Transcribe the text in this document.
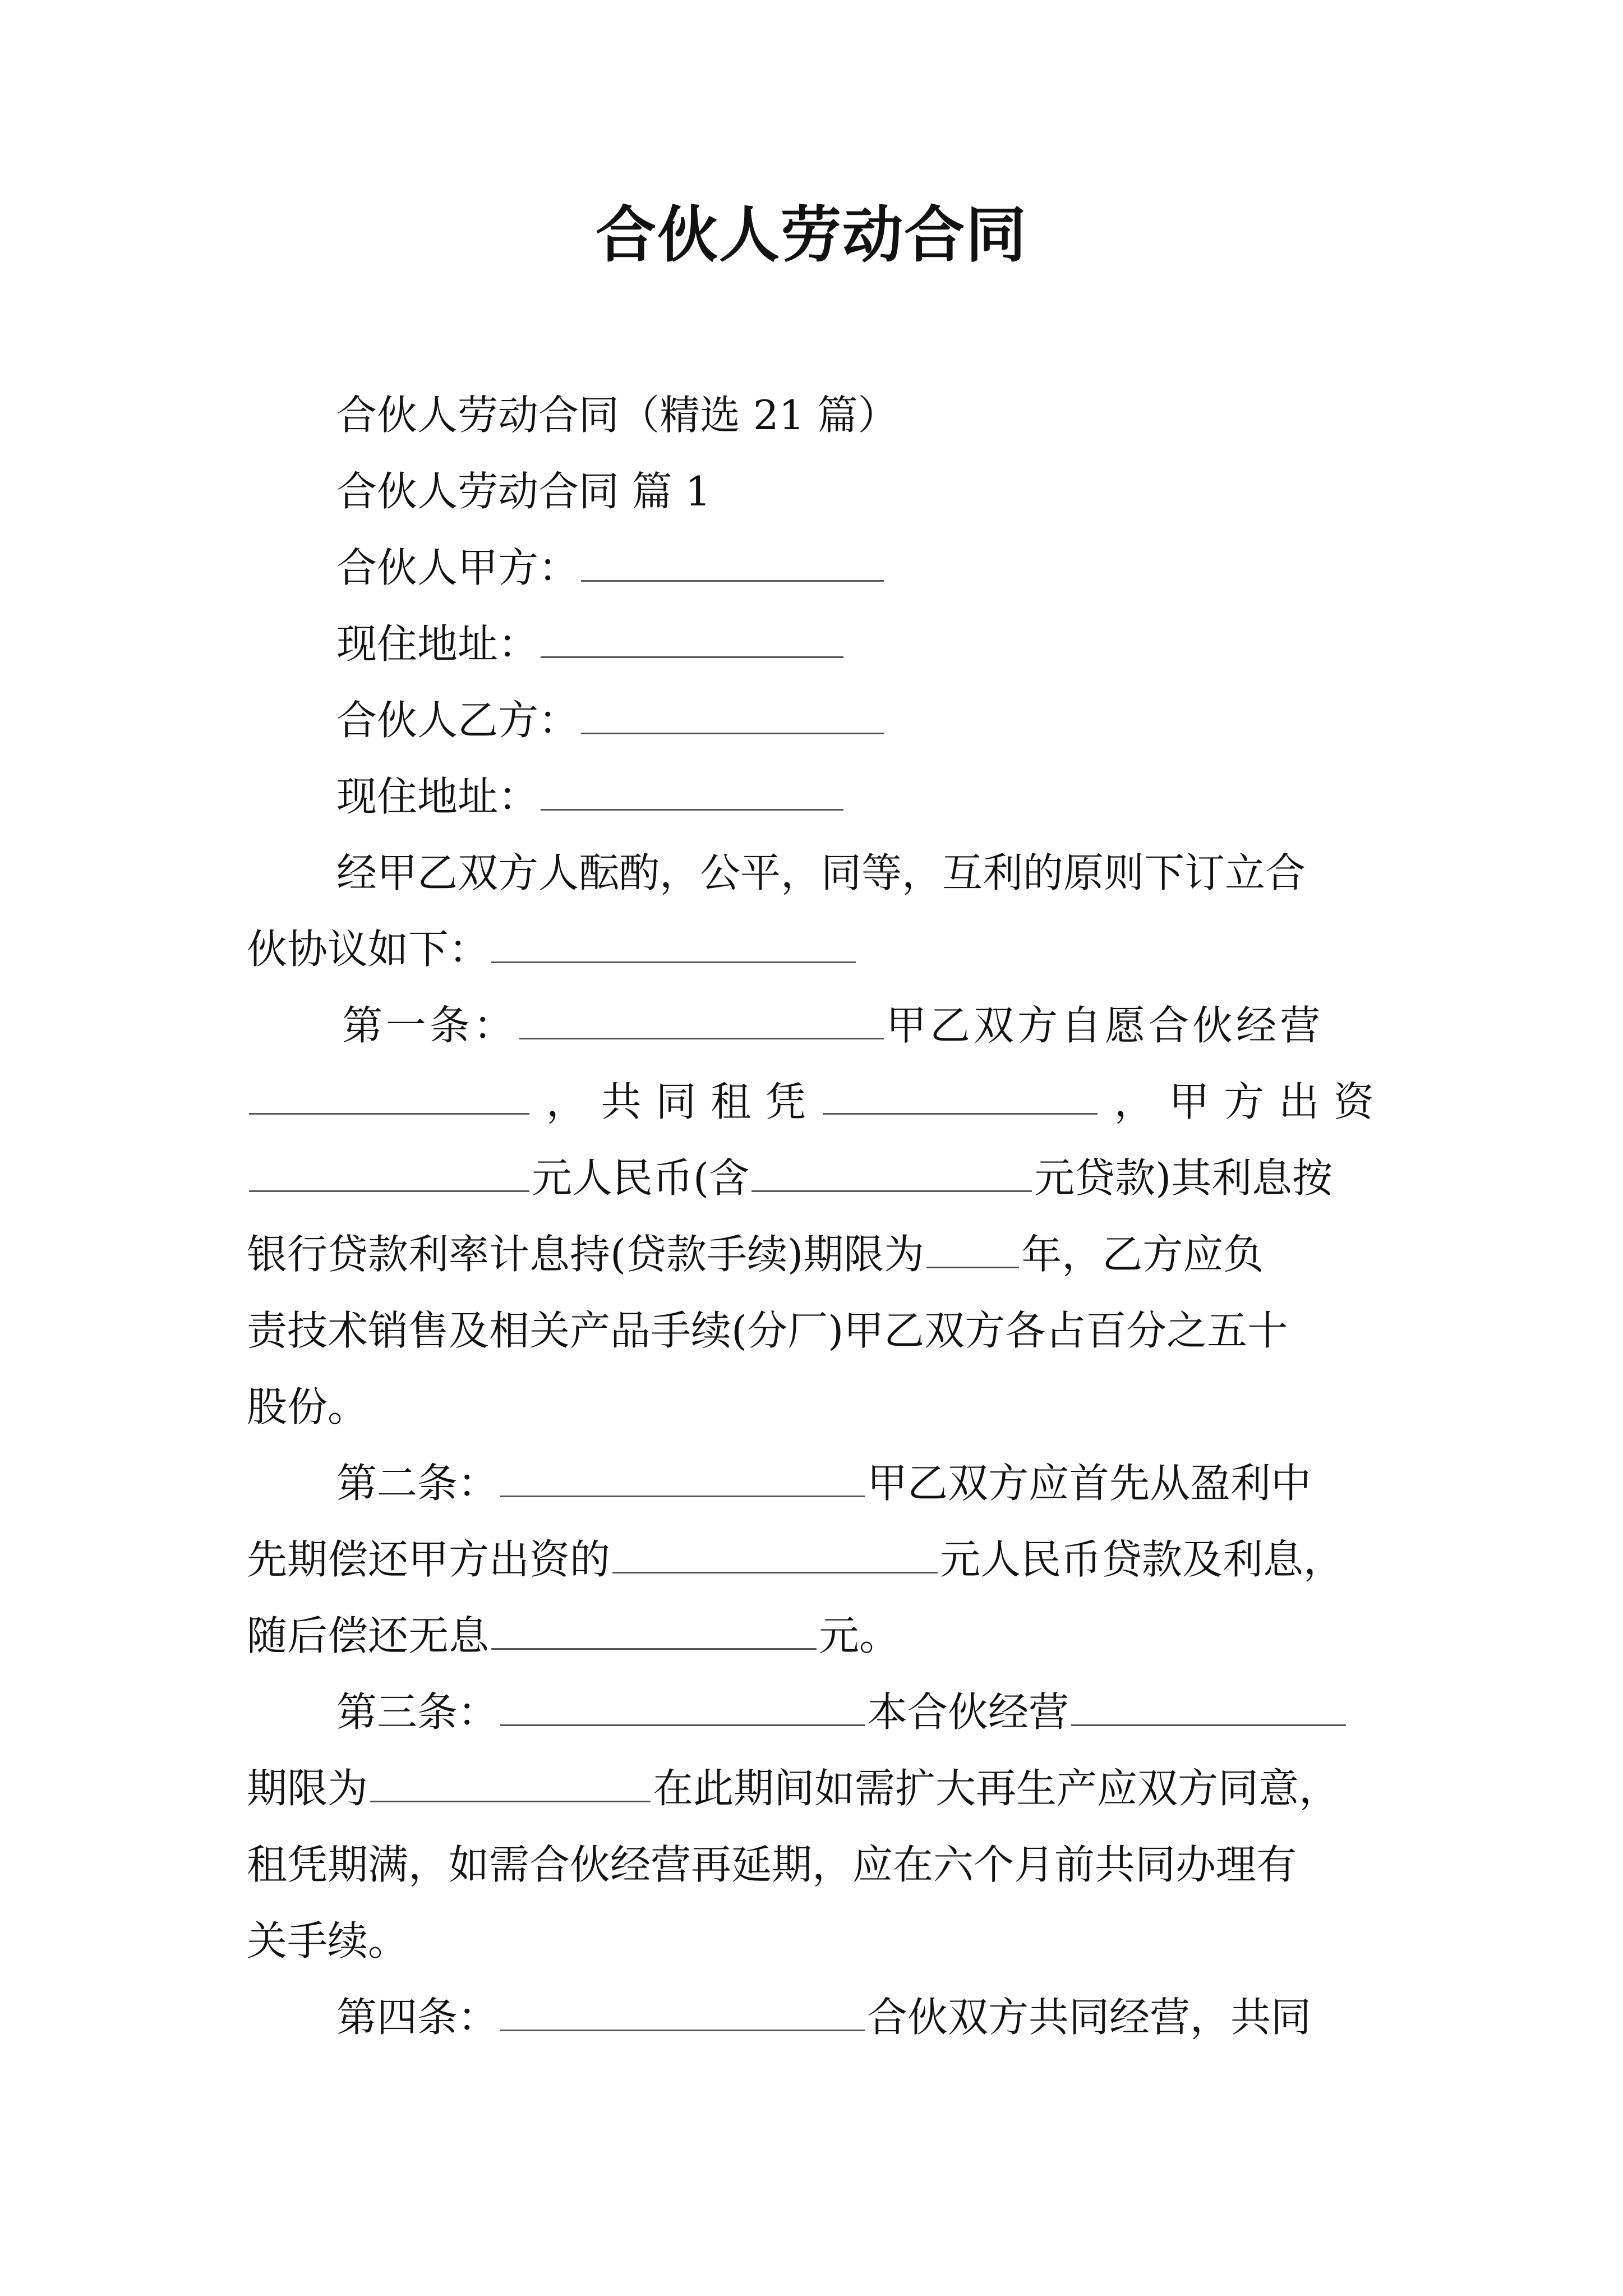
合伙人劳动合同
合伙人劳动合同（精选 21 篇）
合伙人劳动合同 篇 1
合伙人甲方：
现住地址：
合伙人乙方：
现住地址：
经甲乙双方人酝酌，公平，同等，互利的原则下订立合
伙协议如下：
第一条：	甲乙双方自愿合伙经营
， 共 同 租 凭	， 甲 方 出 资
元人民币(含	元贷款)其利息按
银行贷款利率计息持(贷款手续)期限为 年，乙方应负
责技术销售及相关产品手续(分厂)甲乙双方各占百分之五十
股份。
第二条：	甲乙双方应首先从盈利中
先期偿还甲方出资的	元人民币贷款及利息，
随后偿还无息	元。
第三条：	本合伙经营
期限为	在此期间如需扩大再生产应双方同意，
租凭期满，如需合伙经营再延期，应在六个月前共同办理有
关手续。
第四条：	合伙双方共同经营，共同
